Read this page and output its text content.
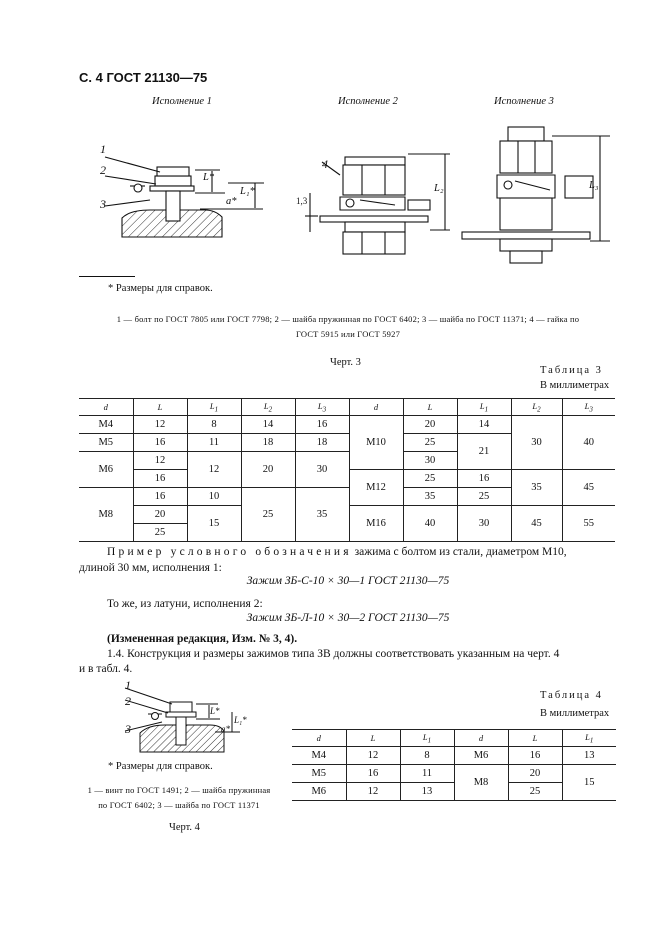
С. 4 ГОСТ 21130—75
Исполнение 1	Исполнение 2	Исполнение 3
1
2
3
4
L*
L₁*
a*	1,3
L₂	L₃
* Размеры для справок.
1 — болт по ГОСТ 7805 или ГОСТ 7798; 2 — шайба пружинная по ГОСТ 6402; 3 — шайба по ГОСТ 11371; 4 — гайка по
ГОСТ 5915 или ГОСТ 5927
Черт. 3
Таблица 3
В миллиметрах
d	L	$L_1$	$L_2$	$L_3$	d	L	$L_1$	$L_2$	$L_3$
M4	12	8	14	16	M10	20	14	30	40
M5	16	11	18	18		25	21		
M6	12	12	20	30		30			
	16				M12	25	16	35	45
M8	16	10	25	35		35	25		
	20	15			M16	40	30	45	55
	25								
Пример условного обозначения зажима с болтом из стали, диаметром М10,
длиной 30 мм, исполнения 1:
Зажим ЗБ-С-10 × 30—1 ГОСТ 21130—75
То же, из латуни, исполнения 2:
Зажим ЗБ-Л-10 × 30—2 ГОСТ 21130—75
(Измененная редакция, Изм. № 3, 4).
1.4. Конструкция и размеры зажимов типа ЗВ должны соответствовать указанным на черт. 4
и в табл. 4.
1
2
3
L*
L₁*
a*
* Размеры для справок.
1 — винт по ГОСТ 1491; 2 — шайба пружинная
по ГОСТ 6402; 3 — шайба по ГОСТ 11371
Черт. 4
Таблица 4
В миллиметрах
d	L	$L_1$	d	L	$L_1$
M4	12	8	M6	16	13
M5	16	11	M8	20	15
M6	12	13		25	
